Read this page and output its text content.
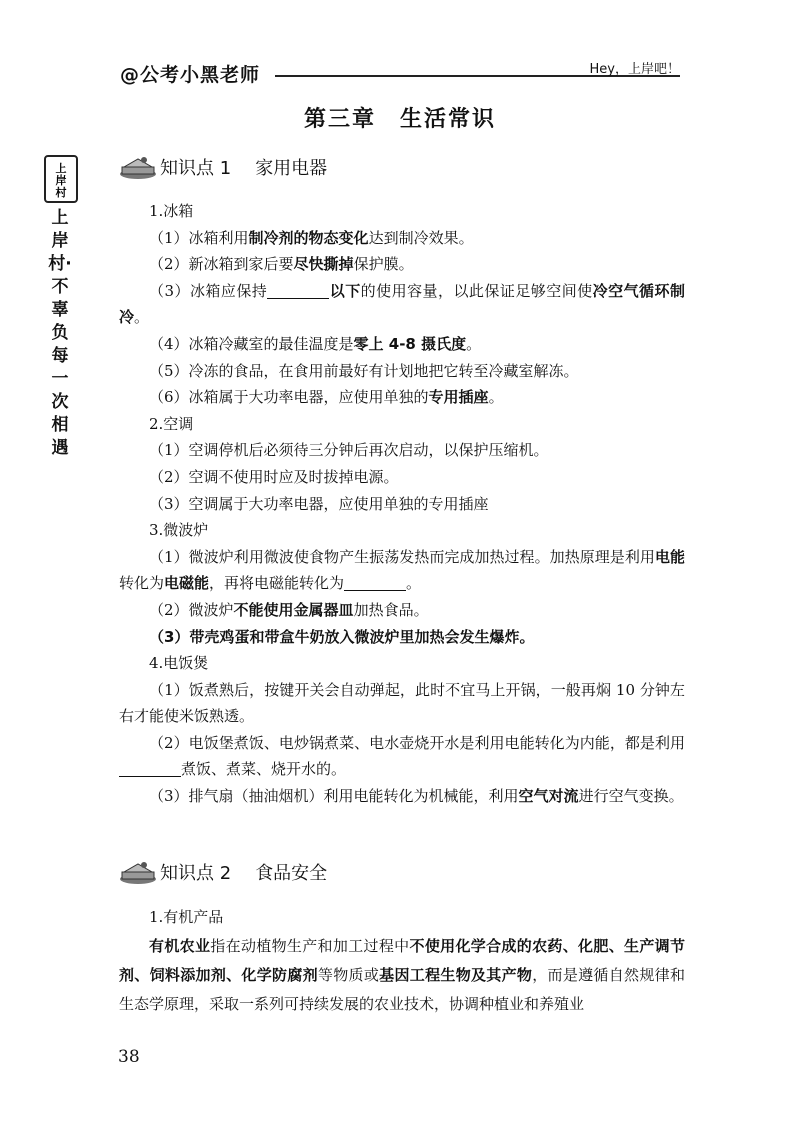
@公考小黑老师	Hey，上岸吧！
第三章　生活常识
上
岸
村
上岸村·不辜负每一次相遇
知识点 1 家用电器

1.冰箱

（1）冰箱利用制冷剂的物态变化达到制冷效果。

（2）新冰箱到家后要尽快撕掉保护膜。

（3）冰箱应保持	以下的使用容量，以此保证足够空间使冷空气循环制冷。

（4）冰箱冷藏室的最佳温度是零上 4-8 摄氏度。

（5）冷冻的食品，在食用前最好有计划地把它转至冷藏室解冻。

（6）冰箱属于大功率电器，应使用单独的专用插座。

2.空调

（1）空调停机后必须待三分钟后再次启动，以保护压缩机。

（2）空调不使用时应及时拔掉电源。

（3）空调属于大功率电器，应使用单独的专用插座

3.微波炉

（1）微波炉利用微波使食物产生振荡发热而完成加热过程。加热原理是利用电能转化为电磁能，再将电磁能转化为	。

（2）微波炉不能使用金属器皿加热食品。

（3）带壳鸡蛋和带盒牛奶放入微波炉里加热会发生爆炸。

4.电饭煲

（1）饭煮熟后，按键开关会自动弹起，此时不宜马上开锅，一般再焖 10 分钟左右才能使米饭熟透。

（2）电饭堡煮饭、电炒锅煮菜、电水壶烧开水是利用电能转化为内能，都是利用煮饭、煮菜、烧开水的。

（3）排气扇（抽油烟机）利用电能转化为机械能，利用空气对流进行空气变换。

知识点 2 食品安全

1.有机产品

有机农业指在动植物生产和加工过程中不使用化学合成的农药、化肥、生产调节剂、饲料添加剂、化学防腐剂等物质或基因工程生物及其产物，而是遵循自然规律和生态学原理，采取一系列可持续发展的农业技术，协调种植业和养殖业

38
